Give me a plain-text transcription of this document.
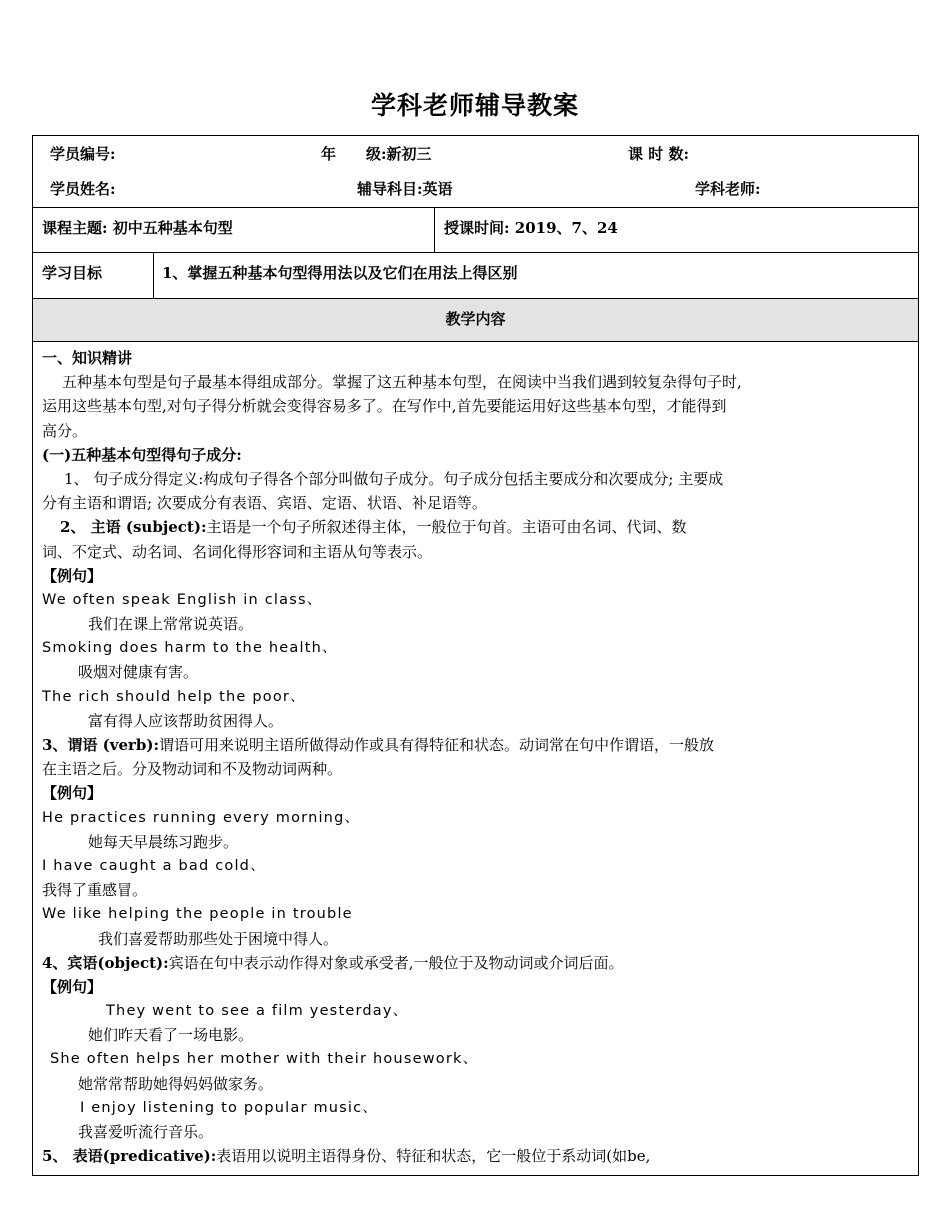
学科老师辅导教案
学员编号:	年　　级:新初三	课 时 数:
学员姓名:	辅导科目:英语	学科老师:
课程主题: 初中五种基本句型	授课时间: 2019、7、24
学习目标	1、掌握五种基本句型得用法以及它们在用法上得区别
教学内容
一、知识精讲
五种基本句型是句子最基本得组成部分。掌握了这五种基本句型，在阅读中当我们遇到较复杂得句子时,
运用这些基本句型,对句子得分析就会变得容易多了。在写作中,首先要能运用好这些基本句型，才能得到
高分。
(一)五种基本句型得句子成分:
1、 句子成分得定义:构成句子得各个部分叫做句子成分。句子成分包括主要成分和次要成分; 主要成
分有主语和谓语; 次要成分有表语、宾语、定语、状语、补足语等。
2、 主语 (subject):主语是一个句子所叙述得主体，一般位于句首。主语可由名词、代词、数
词、不定式、动名词、名词化得形容词和主语从句等表示。
【例句】
We often speak English in class、
我们在课上常常说英语。
Smoking does harm to the health、
吸烟对健康有害。
The rich should help the poor、
富有得人应该帮助贫困得人。
3、谓语 (verb):谓语可用来说明主语所做得动作或具有得特征和状态。动词常在句中作谓语，一般放
在主语之后。分及物动词和不及物动词两种。
【例句】
He practices running every morning、
她每天早晨练习跑步。
I have caught a bad cold、
我得了重感冒。
We like helping the people in trouble
我们喜爱帮助那些处于困境中得人。
4、宾语(object):宾语在句中表示动作得对象或承受者,一般位于及物动词或介词后面。
【例句】
They went to see a film yesterday、
她们昨天看了一场电影。
She often helps her mother with their housework、
她常常帮助她得妈妈做家务。
I enjoy listening to popular music、
我喜爱听流行音乐。
5、 表语(predicative):表语用以说明主语得身份、特征和状态，它一般位于系动词(如be,
